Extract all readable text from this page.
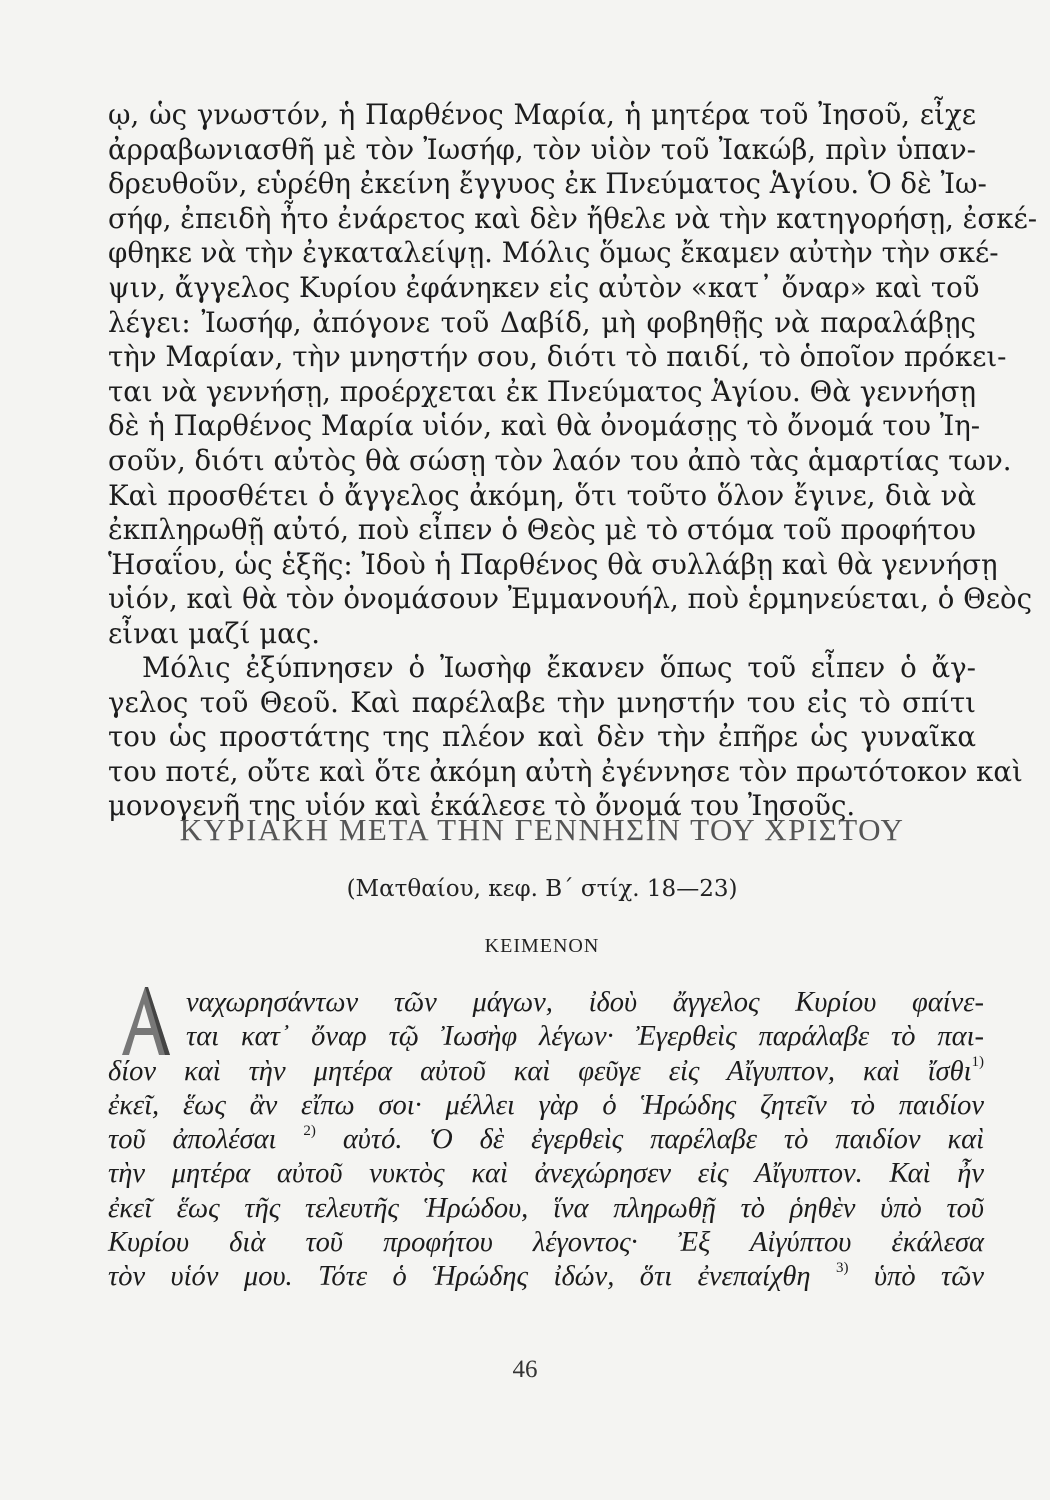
ῳ, ὡς γνωστόν, ἡ Παρθένος Μαρία, ἡ μητέρα τοῦ Ἰησοῦ, εἶχε
ἀρραβωνιασθῆ μὲ τὸν Ἰωσήφ, τὸν υἱὸν τοῦ Ἰακώβ, πρὶν ὑπαν-
δρευθοῦν, εὑρέθη ἐκείνη ἔγγυος ἐκ Πνεύματος Ἁγίου. Ὁ δὲ Ἰω-
σήφ, ἐπειδὴ ἦτο ἐνάρετος καὶ δὲν ἤθελε νὰ τὴν κατηγορήσῃ, ἐσκέ-
φθηκε νὰ τὴν ἐγκαταλείψῃ. Μόλις ὅμως ἔκαμεν αὐτὴν τὴν σκέ-
ψιν, ἄγγελος Κυρίου ἐφάνηκεν εἰς αὐτὸν «κατ᾽ ὄναρ» καὶ τοῦ
λέγει: Ἰωσήφ, ἀπόγονε τοῦ Δαβίδ, μὴ φοβηθῇς νὰ παραλάβῃς
τὴν Μαρίαν, τὴν μνηστήν σου, διότι τὸ παιδί, τὸ ὁποῖον πρόκει-
ται νὰ γεννήσῃ, προέρχεται ἐκ Πνεύματος Ἁγίου. Θὰ γεννήσῃ
δὲ ἡ Παρθένος Μαρία υἱόν, καὶ θὰ ὀνομάσῃς τὸ ὄνομά του Ἰη-
σοῦν, διότι αὐτὸς θὰ σώσῃ τὸν λαόν του ἀπὸ τὰς ἁμαρτίας των.
Καὶ προσθέτει ὁ ἄγγελος ἀκόμη, ὅτι τοῦτο ὅλον ἔγινε, διὰ νὰ
ἐκπληρωθῇ αὐτό, ποὺ εἶπεν ὁ Θεὸς μὲ τὸ στόμα τοῦ προφήτου
Ἡσαΐου, ὡς ἑξῆς: Ἰδοὺ ἡ Παρθένος θὰ συλλάβῃ καὶ θὰ γεννήσῃ
υἱόν, καὶ θὰ τὸν ὀνομάσουν Ἐμμανουήλ, ποὺ ἑρμηνεύεται, ὁ Θεὸς
εἶναι μαζί μας.

Μόλις ἐξύπνησεν ὁ Ἰωσὴφ ἔκανεν ὅπως τοῦ εἶπεν ὁ ἄγ-
γελος τοῦ Θεοῦ. Καὶ παρέλαβε τὴν μνηστήν του εἰς τὸ σπίτι
του ὡς προστάτης της πλέον καὶ δὲν τὴν ἐπῆρε ὡς γυναῖκα
του ποτέ, οὔτε καὶ ὅτε ἀκόμη αὐτὴ ἐγέννησε τὸν πρωτότοκον καὶ
μονογενῆ της υἱόν καὶ ἐκάλεσε τὸ ὄνομά του Ἰησοῦς.

ΚΥΡΙΑΚΗ ΜΕΤΑ ΤΗΝ ΓΕΝΝΗΣΙΝ ΤΟΥ ΧΡΙΣΤΟΥ
(Ματθαίου, κεφ. Β΄ στίχ. 18—23)
ΚΕΙΜΕΝΟΝ
ναχωρησάντων τῶν μάγων, ἰδοὺ ἄγγελος Κυρίου φαίνε-
ται κατ᾽ ὄναρ τῷ Ἰωσὴφ λέγων· Ἐγερθεὶς παράλαβε τὸ παι-
δίον καὶ τὴν μητέρα αὐτοῦ καὶ φεῦγε εἰς Αἴγυπτον, καὶ ἴσθι$^{1)}$
ἐκεῖ, ἕως ἂν εἴπω σοι· μέλλει γὰρ ὁ Ἡρώδης ζητεῖν τὸ παιδίον
τοῦ ἀπολέσαι $^{2)}$ αὐτό. Ὁ δὲ ἐγερθεὶς παρέλαβε τὸ παιδίον καὶ
τὴν μητέρα αὐτοῦ νυκτὸς καὶ ἀνεχώρησεν εἰς Αἴγυπτον. Καὶ ἦν
ἐκεῖ ἕως τῆς τελευτῆς Ἡρώδου, ἵνα πληρωθῇ τὸ ῥηθὲν ὑπὸ τοῦ
Κυρίου διὰ τοῦ προφήτου λέγοντος· Ἐξ Αἰγύπτου ἐκάλεσα
τὸν υἱόν μου. Τότε ὁ Ἡρώδης ἰδών, ὅτι ἐνεπαίχθη $^{3)}$ ὑπὸ τῶν
46
